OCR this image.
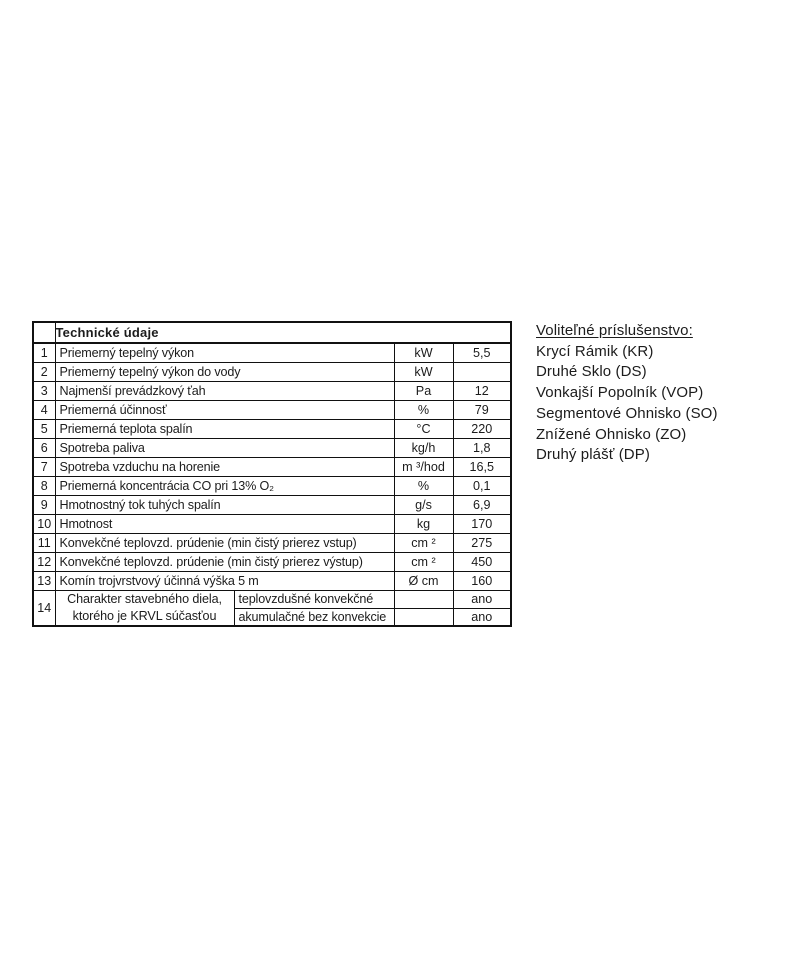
	Technické údaje			
1	Priemerný tepelný výkon		kW	5,5
2	Priemerný tepelný výkon do vody		kW	
3	Najmenší prevádzkový ťah		Pa	12
4	Priemerná účinnosť		%	79
5	Priemerná teplota spalín		°C	220
6	Spotreba paliva		kg/h	1,8
7	Spotreba vzduchu na horenie		m ³/hod	16,5
8	Priemerná koncentrácia CO pri 13% O₂		%	0,1
9	Hmotnostný tok tuhých spalín		g/s	6,9
10	Hmotnost		kg	170
11	Konvekčné teplovzd. prúdenie (min čistý prierez vstup)		cm ²	275
12	Konvekčné teplovzd. prúdenie (min čistý prierez výstup)		cm ²	450
13	Komín trojvrstvový účinná výška 5 m		Ø cm	160
14	Charakter stavebného diela,
ktorého je KRVL súčasťou	teplovzdušné konvekčné		ano
		akumulačné bez konvekcie		ano
Voliteľné príslušenstvo:
Krycí Rámik (KR)
Druhé Sklo (DS)
Vonkajší Popolník (VOP)
Segmentové Ohnisko (SO)
Znížené Ohnisko (ZO)
Druhý plášť (DP)
